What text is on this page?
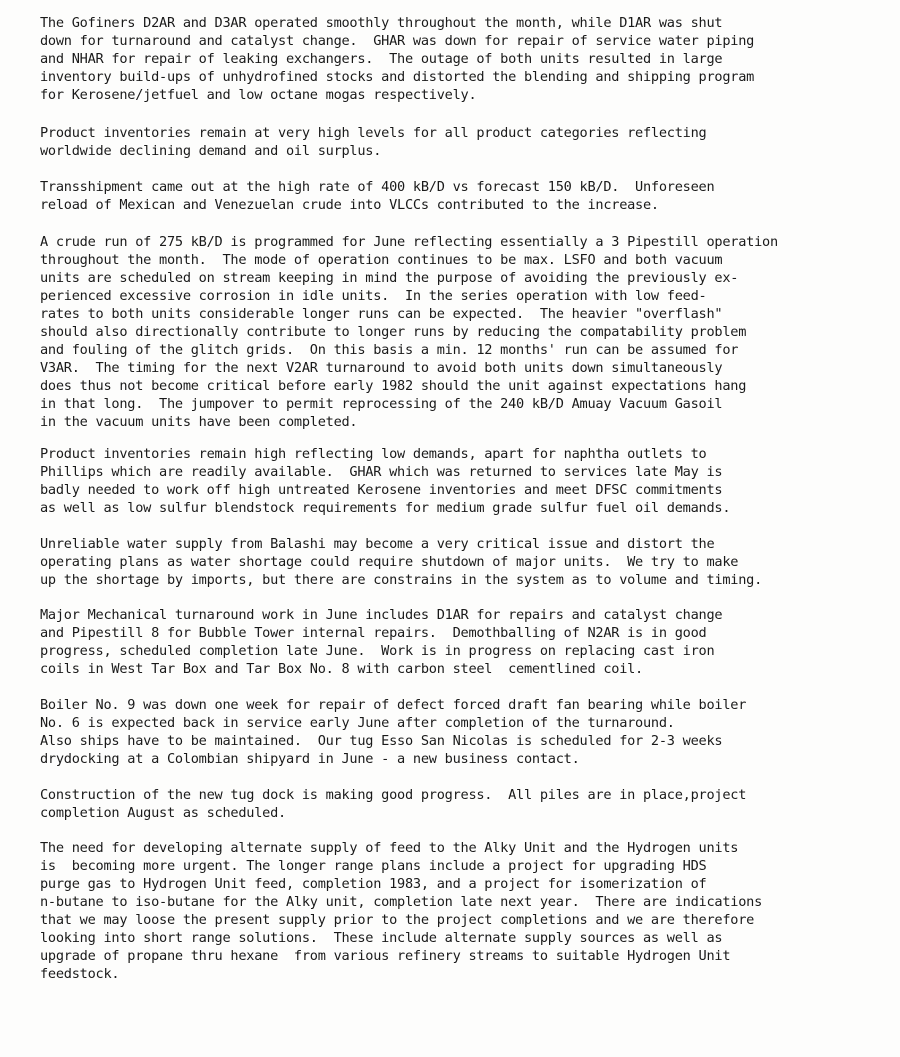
The Gofiners D2AR and D3AR operated smoothly throughout the month, while D1AR was shut
down for turnaround and catalyst change.  GHAR was down for repair of service water piping
and NHAR for repair of leaking exchangers.  The outage of both units resulted in large
inventory build-ups of unhydrofined stocks and distorted the blending and shipping program
for Kerosene/jetfuel and low octane mogas respectively.
Product inventories remain at very high levels for all product categories reflecting
worldwide declining demand and oil surplus.
Transshipment came out at the high rate of 400 kB/D vs forecast 150 kB/D.  Unforeseen
reload of Mexican and Venezuelan crude into VLCCs contributed to the increase.
A crude run of 275 kB/D is programmed for June reflecting essentially a 3 Pipestill operation
throughout the month.  The mode of operation continues to be max. LSFO and both vacuum
units are scheduled on stream keeping in mind the purpose of avoiding the previously ex-
perienced excessive corrosion in idle units.  In the series operation with low feed-
rates to both units considerable longer runs can be expected.  The heavier "overflash"
should also directionally contribute to longer runs by reducing the compatability problem
and fouling of the glitch grids.  On this basis a min. 12 months' run can be assumed for
V3AR.  The timing for the next V2AR turnaround to avoid both units down simultaneously
does thus not become critical before early 1982 should the unit against expectations hang
in that long.  The jumpover to permit reprocessing of the 240 kB/D Amuay Vacuum Gasoil
in the vacuum units have been completed.
Product inventories remain high reflecting low demands, apart for naphtha outlets to
Phillips which are readily available.  GHAR which was returned to services late May is
badly needed to work off high untreated Kerosene inventories and meet DFSC commitments
as well as low sulfur blendstock requirements for medium grade sulfur fuel oil demands.
Unreliable water supply from Balashi may become a very critical issue and distort the
operating plans as water shortage could require shutdown of major units.  We try to make
up the shortage by imports, but there are constrains in the system as to volume and timing.
Major Mechanical turnaround work in June includes D1AR for repairs and catalyst change
and Pipestill 8 for Bubble Tower internal repairs.  Demothballing of N2AR is in good
progress, scheduled completion late June.  Work is in progress on replacing cast iron
coils in West Tar Box and Tar Box No. 8 with carbon steel  cementlined coil.
Boiler No. 9 was down one week for repair of defect forced draft fan bearing while boiler
No. 6 is expected back in service early June after completion of the turnaround.
Also ships have to be maintained.  Our tug Esso San Nicolas is scheduled for 2-3 weeks
drydocking at a Colombian shipyard in June - a new business contact.
Construction of the new tug dock is making good progress.  All piles are in place,project
completion August as scheduled.
The need for developing alternate supply of feed to the Alky Unit and the Hydrogen units
is  becoming more urgent. The longer range plans include a project for upgrading HDS
purge gas to Hydrogen Unit feed, completion 1983, and a project for isomerization of
n-butane to iso-butane for the Alky unit, completion late next year.  There are indications
that we may loose the present supply prior to the project completions and we are therefore
looking into short range solutions.  These include alternate supply sources as well as
upgrade of propane thru hexane  from various refinery streams to suitable Hydrogen Unit
feedstock.
